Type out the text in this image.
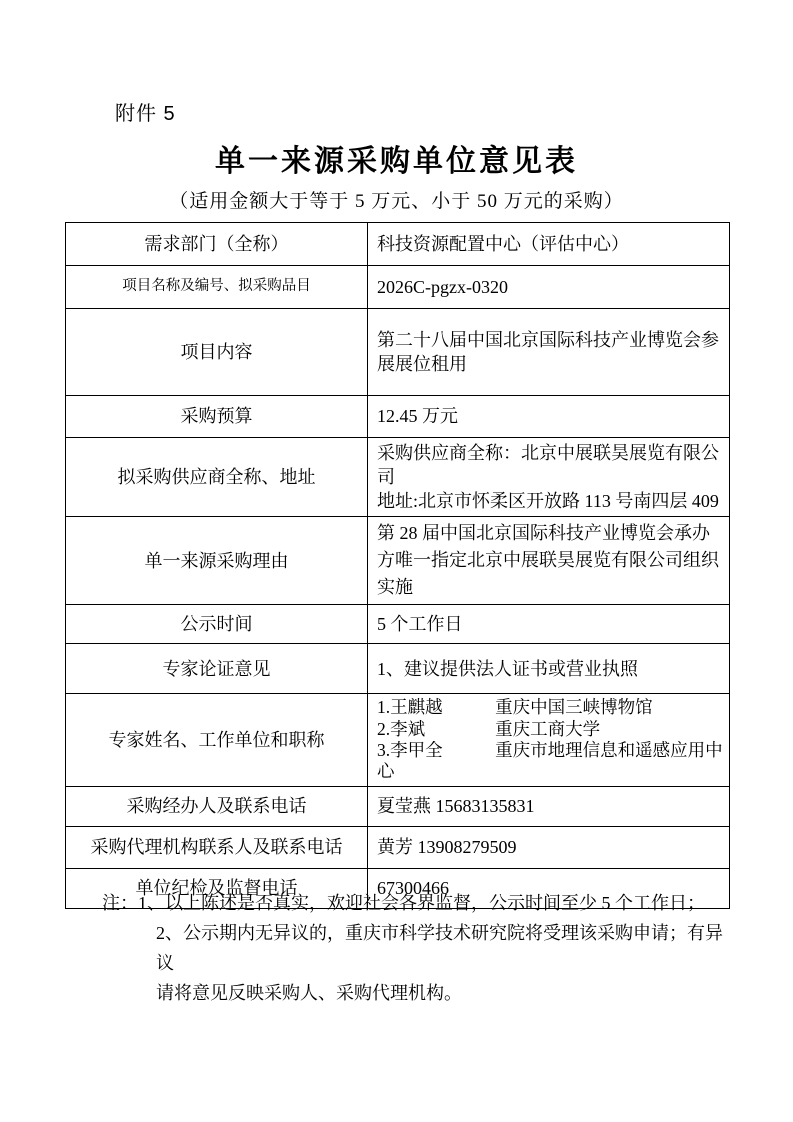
附件 5
单一来源采购单位意见表
（适用金额大于等于 5 万元、小于 50 万元的采购）
需求部门（全称）	科技资源配置中心（评估中心）
项目名称及编号、拟采购品目	2026C-pgzx-0320
项目内容	第二十八届中国北京国际科技产业博览会参展展位租用
采购预算	12.45 万元
拟采购供应商全称、地址	采购供应商全称：北京中展联昊展览有限公司
地址:北京市怀柔区开放路 113 号南四层 409

单一来源采购理由	第 28 届中国北京国际科技产业博览会承办方唯一指定北京中展联昊展览有限公司组织实施
公示时间	5 个工作日
专家论证意见	1、建议提供法人证书或营业执照
专家姓名、工作单位和职称	1.王麒越　　　重庆中国三峡博物馆
2.李斌　　　　重庆工商大学
3.李甲全　　　重庆市地理信息和遥感应用中心

采购经办人及联系电话	夏莹燕 15683135831
采购代理机构联系人及联系电话	黄芳 13908279509
单位纪检及监督电话	67300466
注：1、以上陈述是否真实，欢迎社会各界监督，公示时间至少 5 个工作日；
2、公示期内无异议的，重庆市科学技术研究院将受理该采购申请；有异议
请将意见反映采购人、采购代理机构。
